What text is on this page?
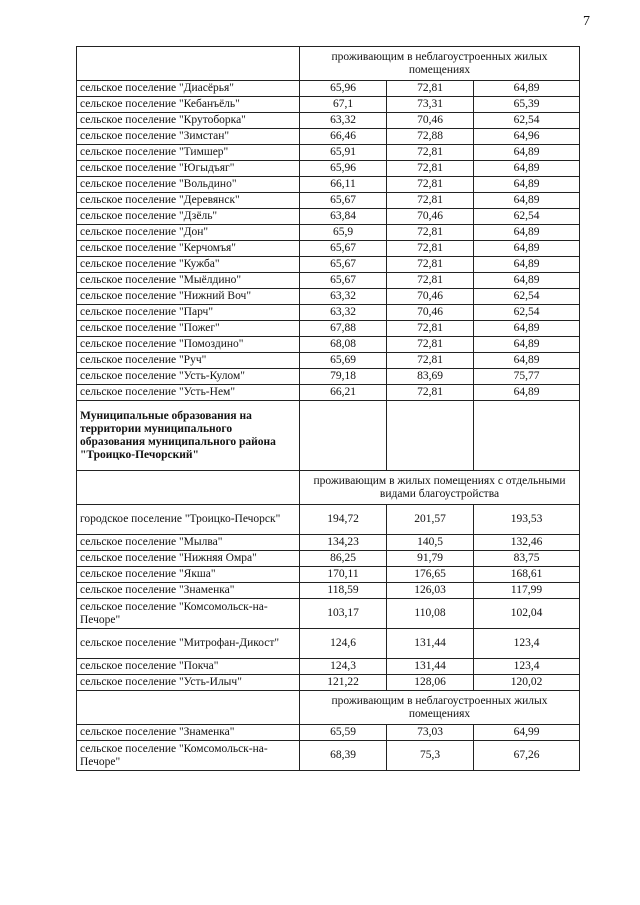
7
	проживающим в неблагоустроенных жилых помещениях		
сельское поселение "Диасёрья"	65,96	72,81	64,89
сельское поселение "Кебанъёль"	67,1	73,31	65,39
сельское поселение "Крутоборка"	63,32	70,46	62,54
сельское поселение "Зимстан"	66,46	72,88	64,96
сельское поселение "Тимшер"	65,91	72,81	64,89
сельское поселение "Югыдъяг"	65,96	72,81	64,89
сельское поселение "Вольдино"	66,11	72,81	64,89
сельское поселение "Деревянск"	65,67	72,81	64,89
сельское поселение "Дзёль"	63,84	70,46	62,54
сельское поселение "Дон"	65,9	72,81	64,89
сельское поселение "Керчомъя"	65,67	72,81	64,89
сельское поселение "Кужба"	65,67	72,81	64,89
сельское поселение "Мыёлдино"	65,67	72,81	64,89
сельское поселение "Нижний Воч"	63,32	70,46	62,54
сельское поселение "Парч"	63,32	70,46	62,54
сельское поселение "Пожег"	67,88	72,81	64,89
сельское поселение "Помоздино"	68,08	72,81	64,89
сельское поселение "Руч"	65,69	72,81	64,89
сельское поселение "Усть-Кулом"	79,18	83,69	75,77
сельское поселение "Усть-Нем"	66,21	72,81	64,89
Муниципальные образования на территории муниципального образования муниципального района "Троицко-Печорский"			
	проживающим в жилых помещениях с отдельными видами благоустройства		
городское поселение "Троицко-Печорск"	194,72	201,57	193,53
сельское поселение "Мылва"	134,23	140,5	132,46
сельское поселение "Нижняя Омра"	86,25	91,79	83,75
сельское поселение "Якша"	170,11	176,65	168,61
сельское поселение "Знаменка"	118,59	126,03	117,99
сельское поселение "Комсомольск-на-Печоре"	103,17	110,08	102,04
сельское поселение "Митрофан-Дикост"	124,6	131,44	123,4
сельское поселение "Покча"	124,3	131,44	123,4
сельское поселение "Усть-Илыч"	121,22	128,06	120,02
	проживающим в неблагоустроенных жилых помещениях		
сельское поселение "Знаменка"	65,59	73,03	64,99
сельское поселение "Комсомольск-на-Печоре"	68,39	75,3	67,26
